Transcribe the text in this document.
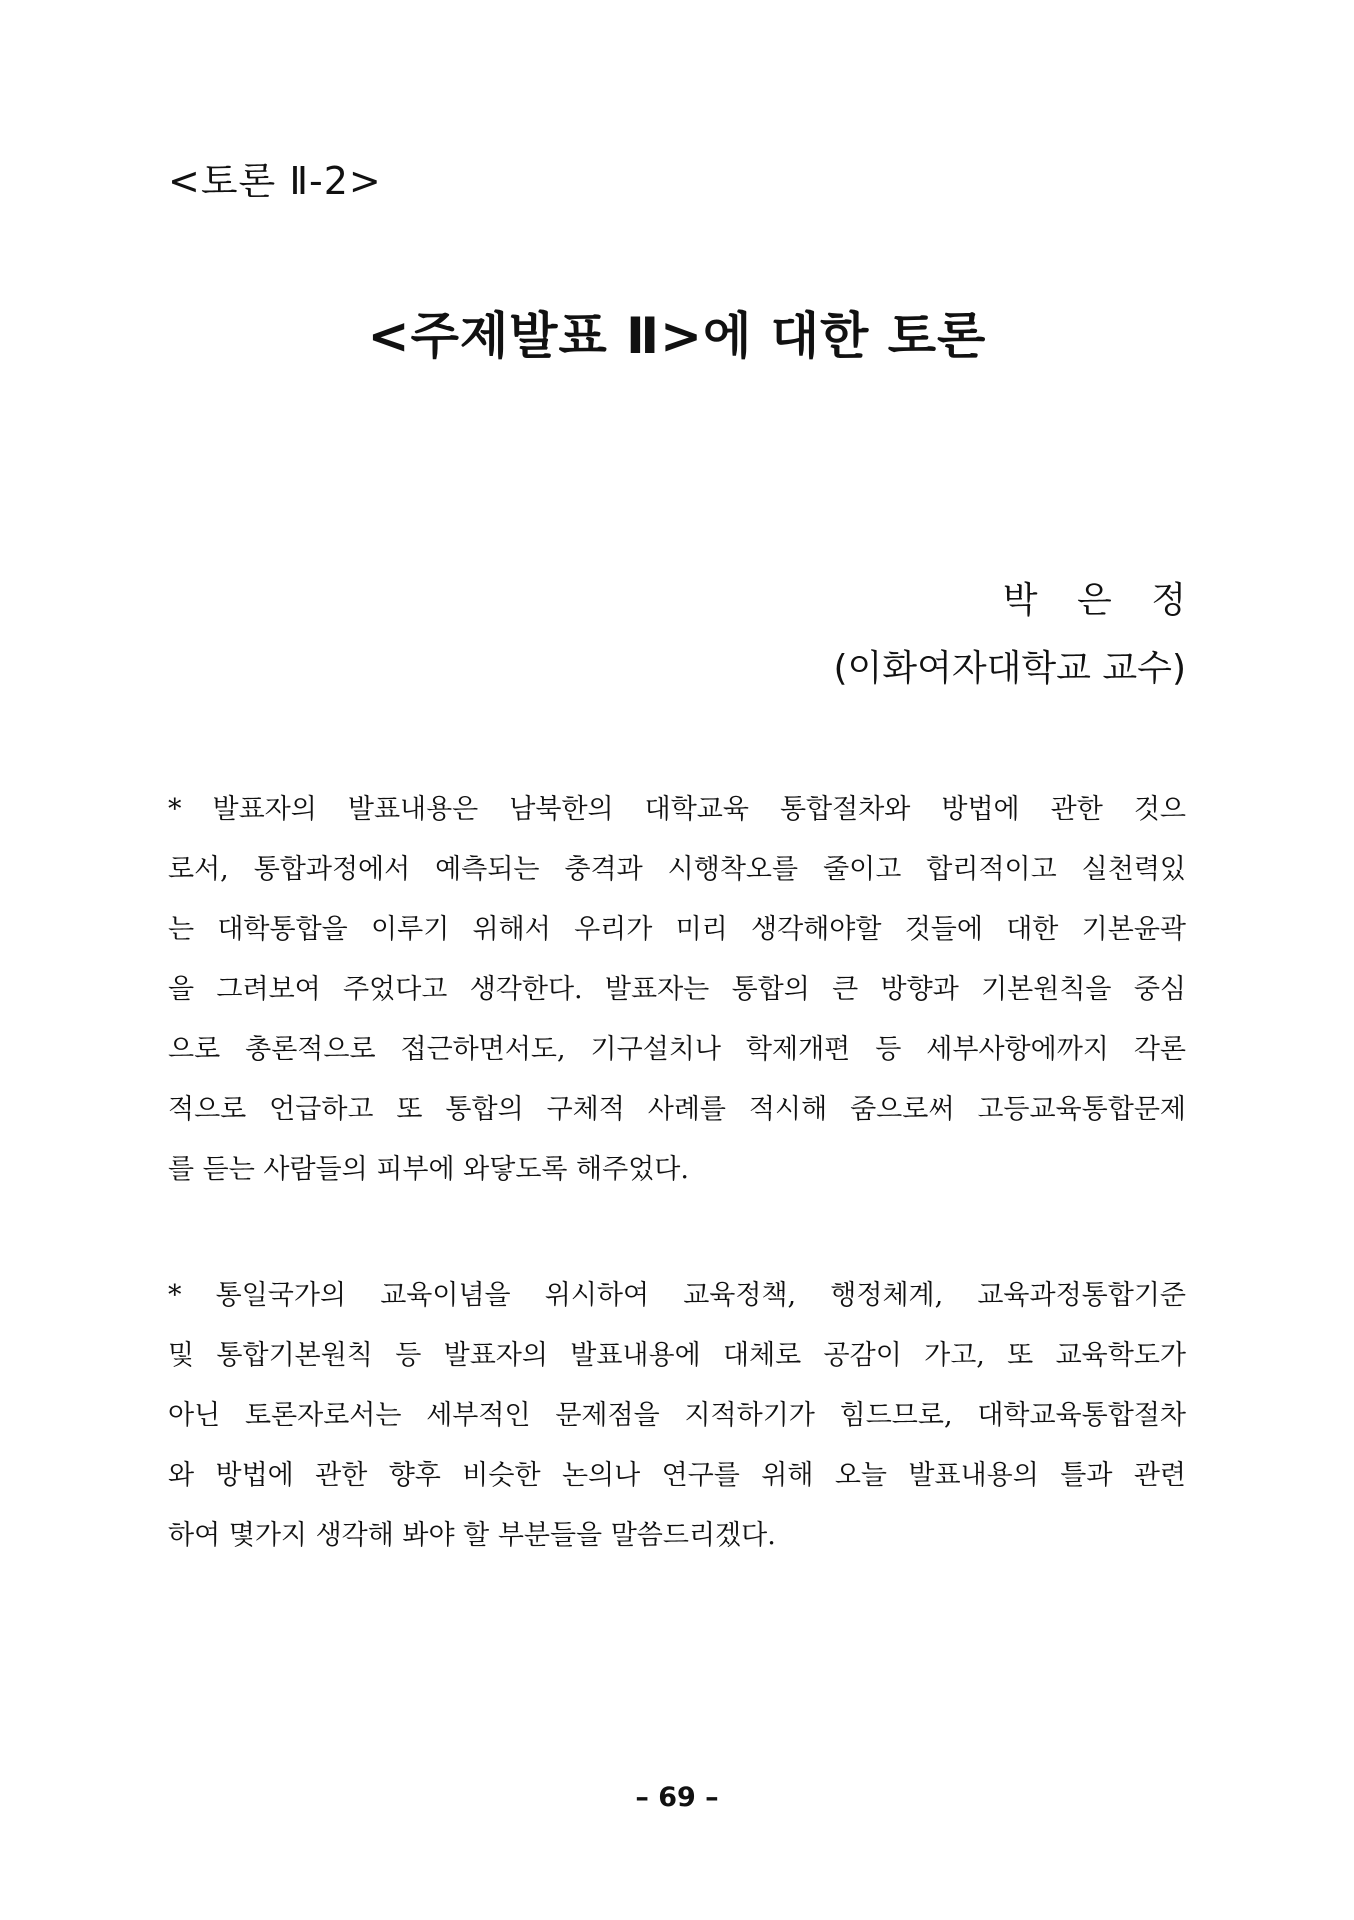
<토론 Ⅱ-2>
<주제발표 Ⅱ>에 대한 토론
박 은 정
(이화여자대학교 교수)
* 발표자의 발표내용은 남북한의 대학교육 통합절차와 방법에 관한 것으
로서, 통합과정에서 예측되는 충격과 시행착오를 줄이고 합리적이고 실천력있
는 대학통합을 이루기 위해서 우리가 미리 생각해야할 것들에 대한 기본윤곽
을 그려보여 주었다고 생각한다. 발표자는 통합의 큰 방향과 기본원칙을 중심
으로 총론적으로 접근하면서도, 기구설치나 학제개편 등 세부사항에까지 각론
적으로 언급하고 또 통합의 구체적 사례를 적시해 줌으로써 고등교육통합문제
를 듣는 사람들의 피부에 와닿도록 해주었다.
* 통일국가의 교육이념을 위시하여 교육정책, 행정체계, 교육과정통합기준
및 통합기본원칙 등 발표자의 발표내용에 대체로 공감이 가고, 또 교육학도가
아닌 토론자로서는 세부적인 문제점을 지적하기가 힘드므로, 대학교육통합절차
와 방법에 관한 향후 비슷한 논의나 연구를 위해 오늘 발표내용의 틀과 관련
하여 몇가지 생각해 봐야 할 부분들을 말씀드리겠다.
– 69 –
